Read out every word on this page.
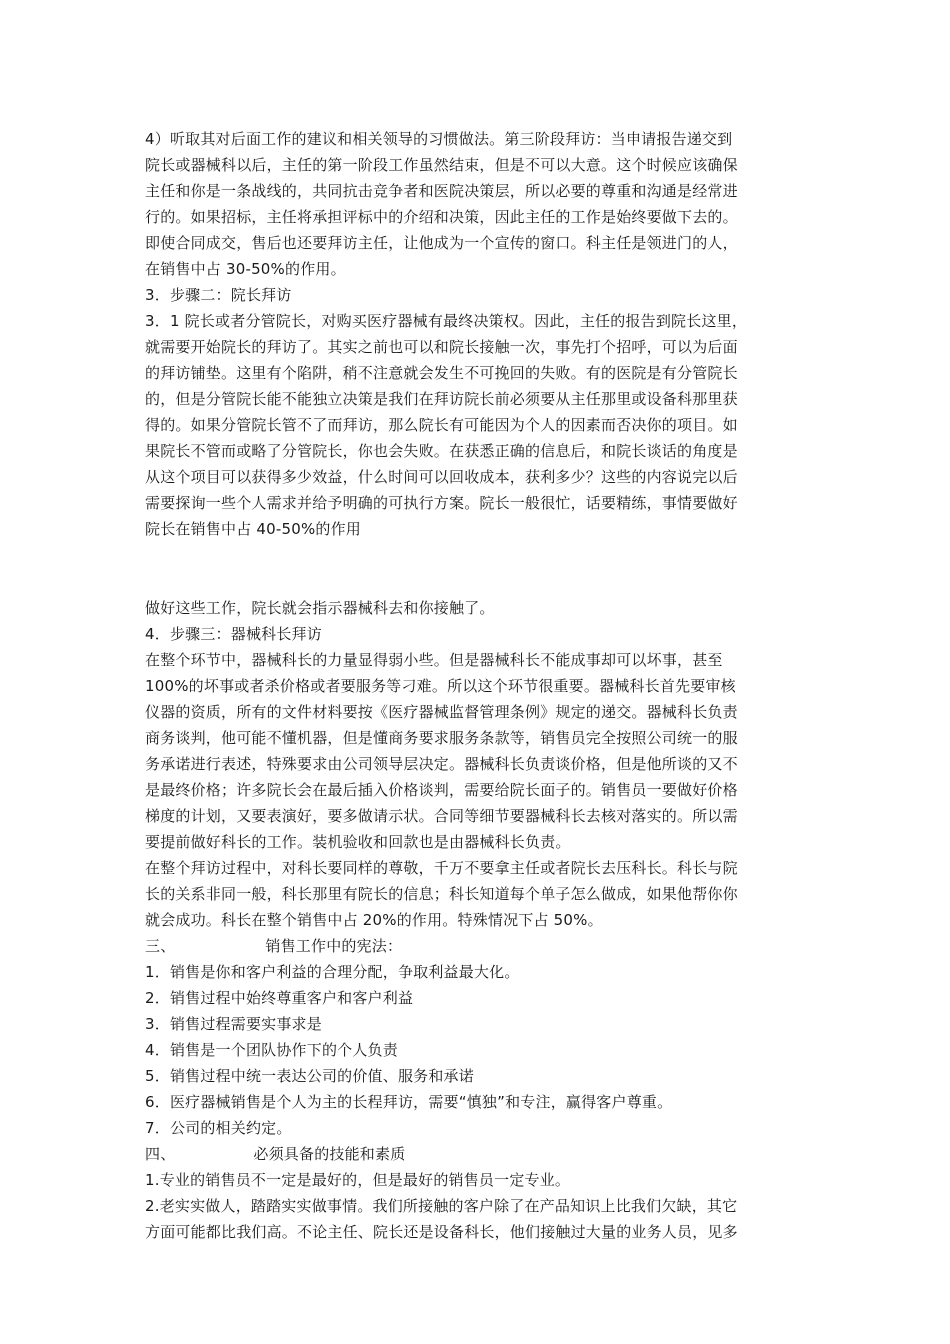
4）听取其对后面工作的建议和相关领导的习惯做法。第三阶段拜访：当申请报告递交到
院长或器械科以后，主任的第一阶段工作虽然结束，但是不可以大意。这个时候应该确保
主任和你是一条战线的，共同抗击竞争者和医院决策层，所以必要的尊重和沟通是经常进
行的。如果招标，主任将承担评标中的介绍和决策，因此主任的工作是始终要做下去的。
即使合同成交，售后也还要拜访主任，让他成为一个宣传的窗口。科主任是领进门的人，
在销售中占 30-50%的作用。
3．步骤二：院长拜访
3．1 院长或者分管院长，对购买医疗器械有最终决策权。因此，主任的报告到院长这里，
就需要开始院长的拜访了。其实之前也可以和院长接触一次，事先打个招呼，可以为后面
的拜访铺垫。这里有个陷阱，稍不注意就会发生不可挽回的失败。有的医院是有分管院长
的，但是分管院长能不能独立决策是我们在拜访院长前必须要从主任那里或设备科那里获
得的。如果分管院长管不了而拜访，那么院长有可能因为个人的因素而否决你的项目。如
果院长不管而或略了分管院长，你也会失败。在获悉正确的信息后，和院长谈话的角度是
从这个项目可以获得多少效益，什么时间可以回收成本，获利多少？这些的内容说完以后
需要探询一些个人需求并给予明确的可执行方案。院长一般很忙，话要精练，事情要做好
院长在销售中占 40-50%的作用
做好这些工作，院长就会指示器械科去和你接触了。
4．步骤三：器械科长拜访
在整个环节中，器械科长的力量显得弱小些。但是器械科长不能成事却可以坏事，甚至
100%的坏事或者杀价格或者要服务等刁难。所以这个环节很重要。器械科长首先要审核
仪器的资质，所有的文件材料要按《医疗器械监督管理条例》规定的递交。器械科长负责
商务谈判，他可能不懂机器，但是懂商务要求服务条款等，销售员完全按照公司统一的服
务承诺进行表述，特殊要求由公司领导层决定。器械科长负责谈价格，但是他所谈的又不
是最终价格；许多院长会在最后插入价格谈判，需要给院长面子的。销售员一要做好价格
梯度的计划，又要表演好，要多做请示状。合同等细节要器械科长去核对落实的。所以需
要提前做好科长的工作。装机验收和回款也是由器械科长负责。
在整个拜访过程中，对科长要同样的尊敬，千万不要拿主任或者院长去压科长。科长与院
长的关系非同一般，科长那里有院长的信息；科长知道每个单子怎么做成，如果他帮你你
就会成功。科长在整个销售中占 20%的作用。特殊情况下占 50%。
三、	销售工作中的宪法：
1．销售是你和客户利益的合理分配，争取利益最大化。
2．销售过程中始终尊重客户和客户利益
3．销售过程需要实事求是
4．销售是一个团队协作下的个人负责
5．销售过程中统一表达公司的价值、服务和承诺
6．医疗器械销售是个人为主的长程拜访，需要“慎独”和专注，赢得客户尊重。
7．公司的相关约定。
四、	必须具备的技能和素质
1.专业的销售员不一定是最好的，但是最好的销售员一定专业。
2.老实实做人，踏踏实实做事情。我们所接触的客户除了在产品知识上比我们欠缺，其它
方面可能都比我们高。不论主任、院长还是设备科长，他们接触过大量的业务人员，见多
